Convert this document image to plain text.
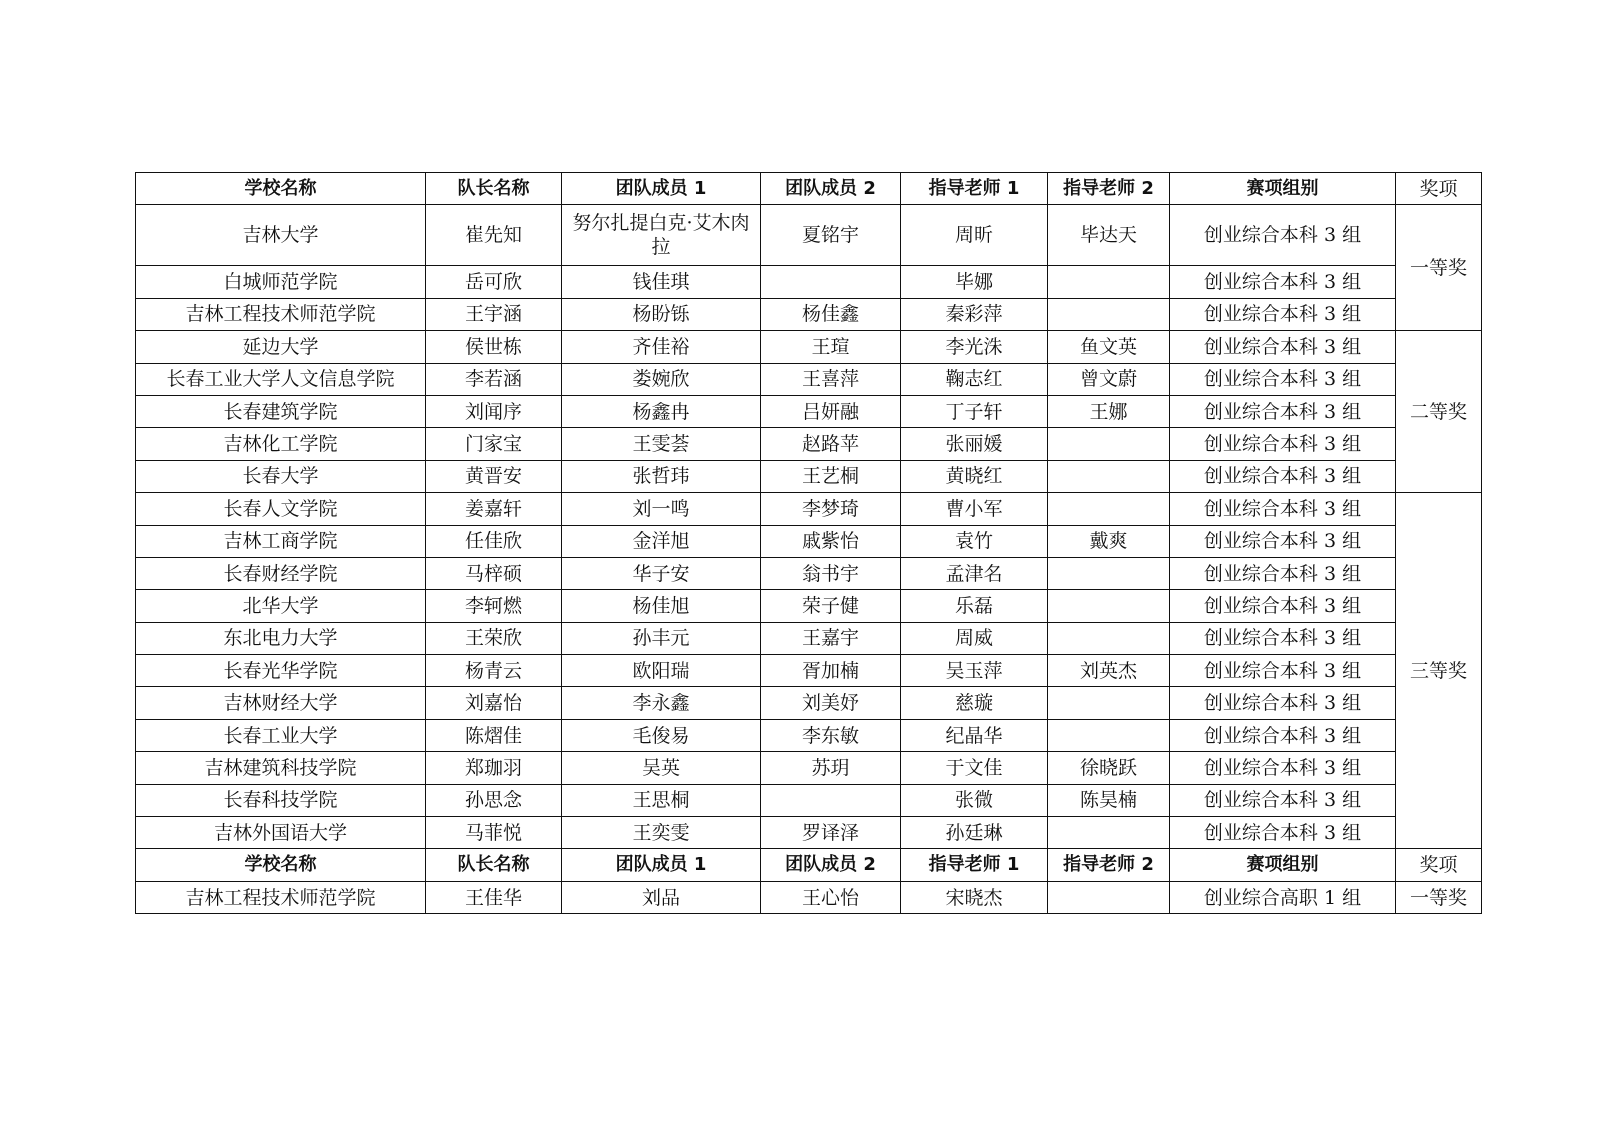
学校名称	队长名称	团队成员 1	团队成员 2	指导老师 1	指导老师 2	赛项组别	奖项
吉林大学	崔先知	努尔扎提白克·艾木肉拉	夏铭宇	周昕	毕达天	创业综合本科 3 组	一等奖
白城师范学院	岳可欣	钱佳琪		毕娜		创业综合本科 3 组	
吉林工程技术师范学院	王宇涵	杨盼铄	杨佳鑫	秦彩萍		创业综合本科 3 组	
延边大学	侯世栋	齐佳裕	王瑄	李光洙	鱼文英	创业综合本科 3 组	二等奖
长春工业大学人文信息学院	李若涵	娄婉欣	王喜萍	鞠志红	曾文蔚	创业综合本科 3 组	
长春建筑学院	刘闻序	杨鑫冉	吕妍融	丁子轩	王娜	创业综合本科 3 组	
吉林化工学院	门家宝	王雯荟	赵路苹	张丽媛		创业综合本科 3 组	
长春大学	黄晋安	张哲玮	王艺桐	黄晓红		创业综合本科 3 组	
长春人文学院	姜嘉轩	刘一鸣	李梦琦	曹小军		创业综合本科 3 组	三等奖
吉林工商学院	任佳欣	金洋旭	戚紫怡	袁竹	戴爽	创业综合本科 3 组	
长春财经学院	马梓硕	华子安	翁书宇	孟津名		创业综合本科 3 组	
北华大学	李轲燃	杨佳旭	荣子健	乐磊		创业综合本科 3 组	
东北电力大学	王荣欣	孙丰元	王嘉宇	周威		创业综合本科 3 组	
长春光华学院	杨青云	欧阳瑞	胥加楠	吴玉萍	刘英杰	创业综合本科 3 组	
吉林财经大学	刘嘉怡	李永鑫	刘美妤	慈璇		创业综合本科 3 组	
长春工业大学	陈熠佳	毛俊易	李东敏	纪晶华		创业综合本科 3 组	
吉林建筑科技学院	郑珈羽	吴英	苏玥	于文佳	徐晓跃	创业综合本科 3 组	
长春科技学院	孙思念	王思桐		张微	陈昊楠	创业综合本科 3 组	
吉林外国语大学	马菲悦	王奕雯	罗译泽	孙廷琳		创业综合本科 3 组	
学校名称	队长名称	团队成员 1	团队成员 2	指导老师 1	指导老师 2	赛项组别	奖项
吉林工程技术师范学院	王佳华	刘品	王心怡	宋晓杰		创业综合高职 1 组	一等奖
